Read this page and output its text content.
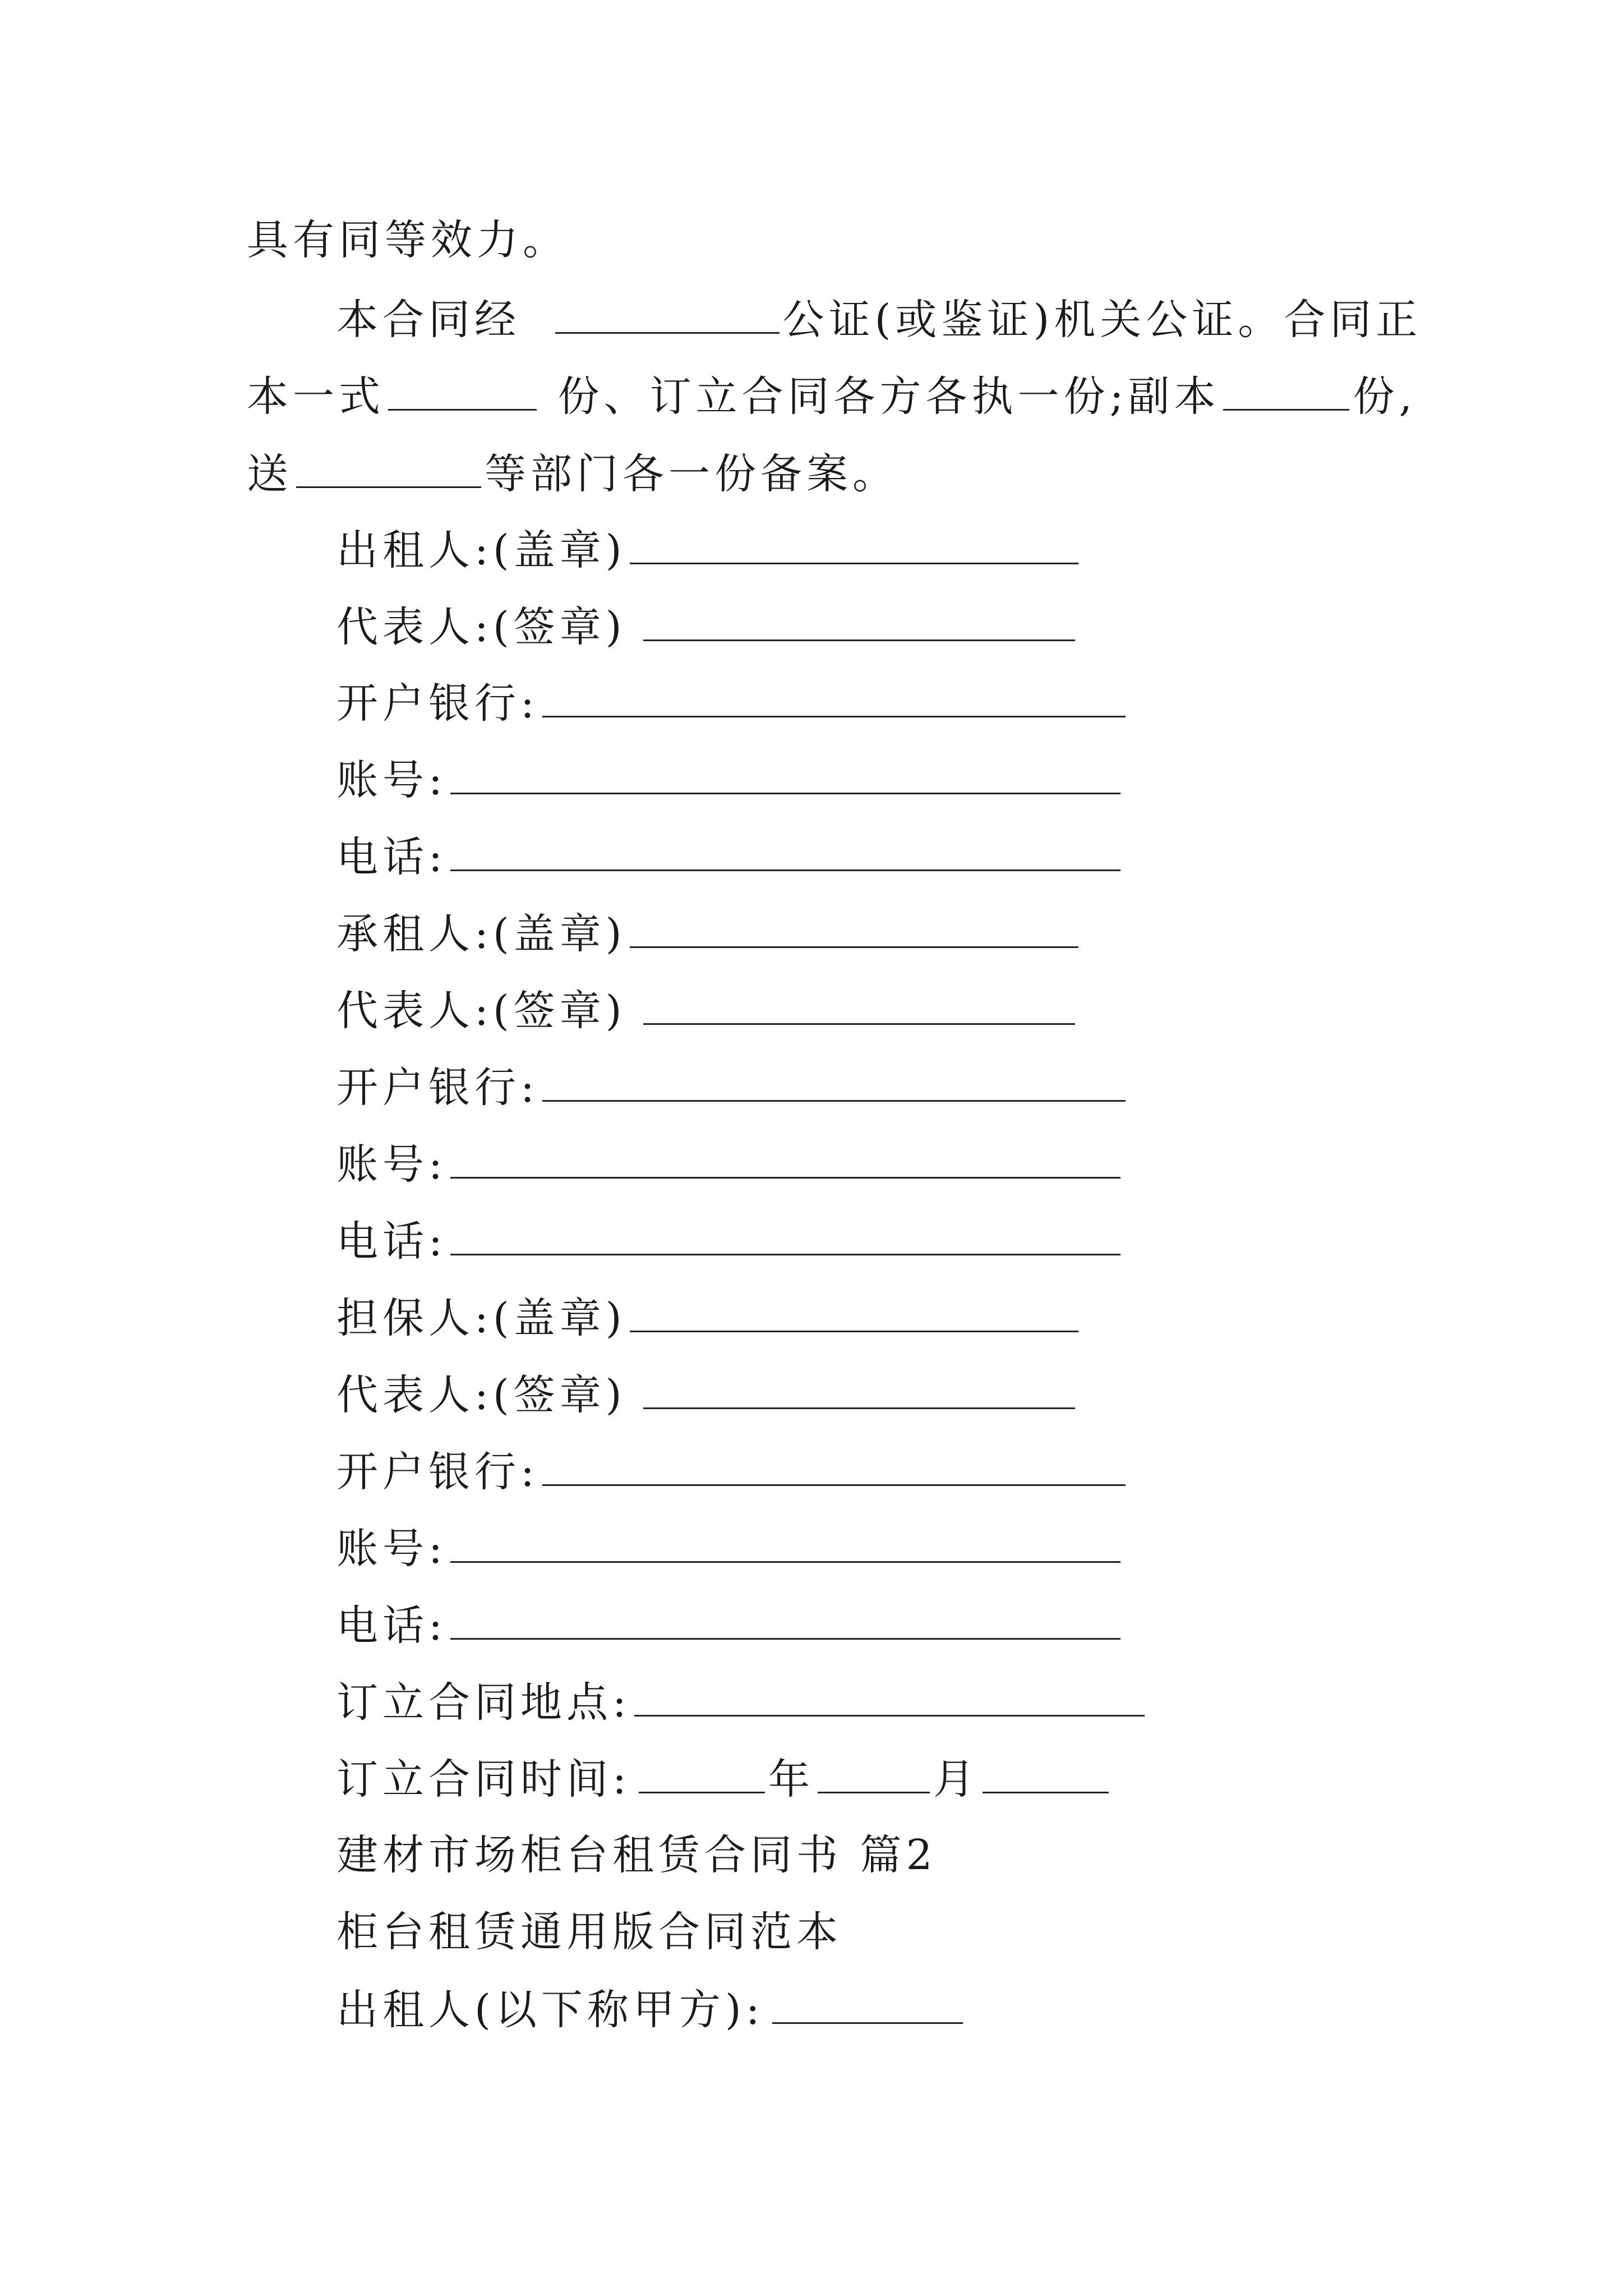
具有同等效力。
本合同经	公证(或鉴证)机关公证。合同正
本一式	份、订立合同各方各执一份;副本	份,
送	等部门各一份备案。
出租人:(盖章)
代表人:(签章)
开户银行:
账号:
电话:
承租人:(盖章)
代表人:(签章)
开户银行:
账号:
电话:
担保人:(盖章)
代表人:(签章)
开户银行:
账号:
电话:
订立合同地点:
订立合同时间:	年	月
建材市场柜台租赁合同书 篇2
柜台租赁通用版合同范本
出租人(以下称甲方):
